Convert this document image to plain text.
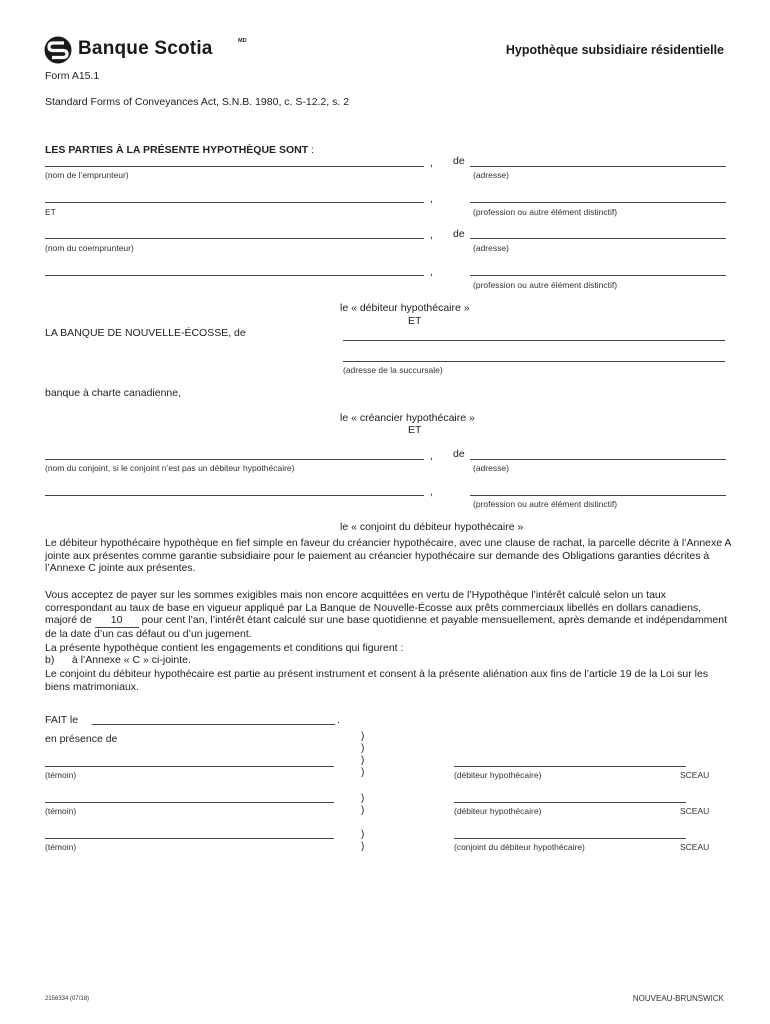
Banque Scotia	MD
Hypothèque subsidiaire résidentielle
Form A15.1
Standard Forms of Conveyances Act, S.N.B. 1980, c. S-12.2, s. 2
LES PARTIES À LA PRÉSENTE HYPOTHÈQUE SONT :
, de
(nom de l’emprunteur)	(adresse)
,
ET	(profession ou autre élément distinctif)
, de
(nom du coemprunteur)	(adresse)
,
(profession ou autre élément distinctif)
le « débiteur hypothécaire »
ET
LA BANQUE DE NOUVELLE-ÉCOSSE, de
(adresse de la succursale)
banque à charte canadienne,
le « créancier hypothécaire »
ET
, de
(nom du conjoint, si le conjoint n’est pas un débiteur hypothécaire)	(adresse)
,
(profession ou autre élément distinctif)
le « conjoint du débiteur hypothécaire »
Le débiteur hypothécaire hypothèque en fief simple en faveur du créancier hypothécaire, avec une clause de rachat, la parcelle décrite à l’Annexe A jointe aux présentes comme garantie subsidiaire pour le paiement au créancier hypothécaire sur demande des Obligations garanties décrites à l’Annexe C jointe aux présentes.
Vous acceptez de payer sur les sommes exigibles mais non encore acquittées en vertu de l’Hypothèque l’intérêt calculé selon un taux correspondant au taux de base en vigueur appliqué par La Banque de Nouvelle-Écosse aux prêts commerciaux libellés en dollars canadiens, majoré de 10 pour cent l’an, l’intérêt étant calculé sur une base quotidienne et payable mensuellement, après demande et indépendamment de la date d’un cas défaut ou d’un jugement.
La présente hypothèque contient les engagements et conditions qui figurent :
b)      à l’Annexe « C » ci-jointe.
Le conjoint du débiteur hypothécaire est partie au présent instrument et consent à la présente aliénation aux fins de l’article 19 de la Loi sur les biens matrimoniaux.
FAIT le	.
en présence de	)
)
)
)
(témoin)	(débiteur hypothécaire)	SCEAU
)
)
(témoin)	(débiteur hypothécaire)	SCEAU
)
)
(témoin)	(conjoint du débiteur hypothécaire)	SCEAU
2156334 (07/18)	NOUVEAU-BRUNSWICK
